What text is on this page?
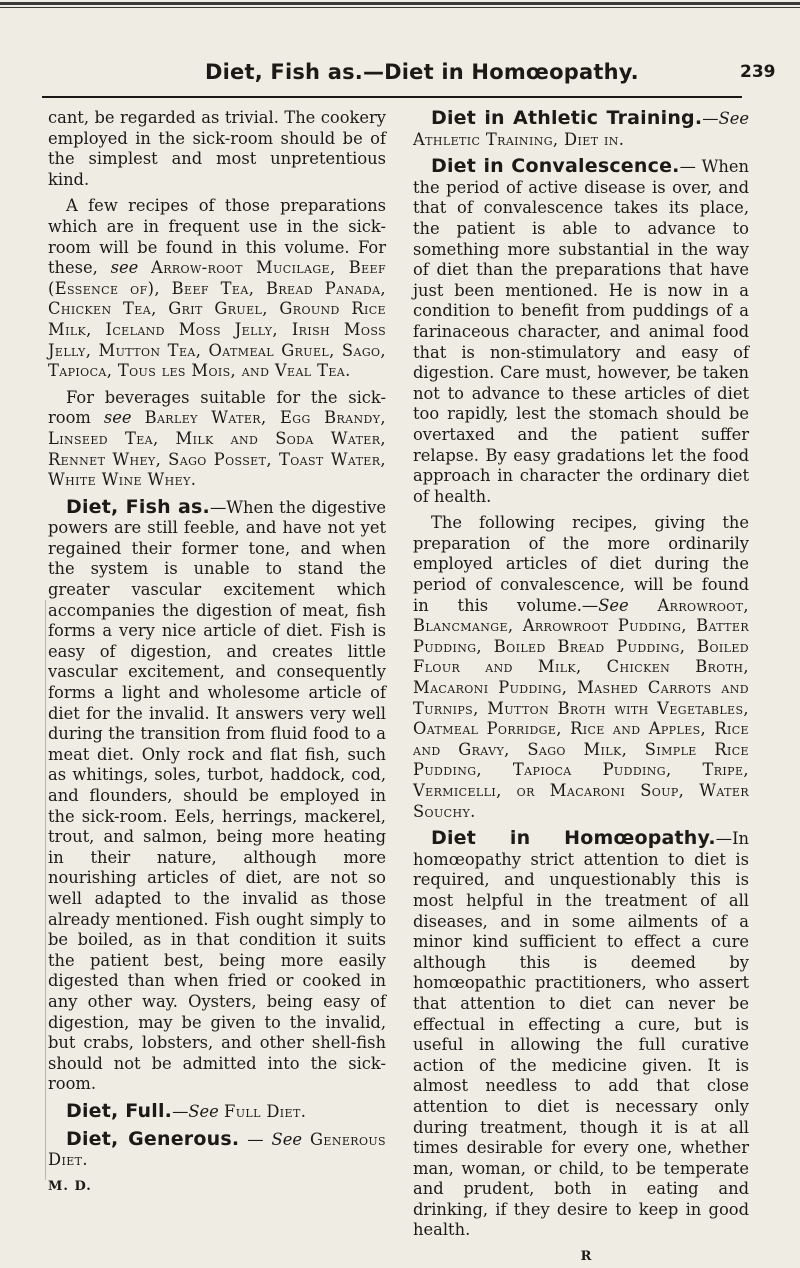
Diet, Fish as.—Diet in Homœopathy.	239

cant, be regarded as trivial. The cookery employed in the sick-room should be of the simplest and most unpretentious kind.

A few recipes of those preparations which are in frequent use in the sick-room will be found in this volume. For these, see Arrow-root Mucilage, Beef (Essence of), Beef Tea, Bread Panada, Chicken Tea, Grit Gruel, Ground Rice Milk, Iceland Moss Jelly, Irish Moss Jelly, Mutton Tea, Oatmeal Gruel, Sago, Tapioca, Tous les Mois, and Veal Tea.

For beverages suitable for the sick-room see Barley Water, Egg Brandy, Linseed Tea, Milk and Soda Water, Rennet Whey, Sago Posset, Toast Water, White Wine Whey.

Diet, Fish as.—When the digestive powers are still feeble, and have not yet regained their former tone, and when the system is unable to stand the greater vascular excitement which accompanies the digestion of meat, fish forms a very nice article of diet. Fish is easy of digestion, and creates little vascular excitement, and consequently forms a light and wholesome article of diet for the invalid. It answers very well during the transition from fluid food to a meat diet. Only rock and flat fish, such as whitings, soles, turbot, haddock, cod, and flounders, should be employed in the sick-room. Eels, herrings, mackerel, trout, and salmon, being more heating in their nature, although more nourishing articles of diet, are not so well adapted to the invalid as those already mentioned. Fish ought simply to be boiled, as in that condition it suits the patient best, being more easily digested than when fried or cooked in any other way. Oysters, being easy of digestion, may be given to the invalid, but crabs, lobsters, and other shell-fish should not be admitted into the sick-room.

Diet, Full.—See Full Diet.

Diet, Generous. — See Generous Diet.

M. D.

Diet in Athletic Training.—See Athletic Training, Diet in.

Diet in Convalescence.— When the period of active disease is over, and that of convalescence takes its place, the patient is able to advance to something more substantial in the way of diet than the preparations that have just been mentioned. He is now in a condition to benefit from puddings of a farinaceous character, and animal food that is non-stimulatory and easy of digestion. Care must, however, be taken not to advance to these articles of diet too rapidly, lest the stomach should be overtaxed and the patient suffer relapse. By easy gradations let the food approach in character the ordinary diet of health.

The following recipes, giving the preparation of the more ordinarily employed articles of diet during the period of convalescence, will be found in this volume.—See Arrowroot, Blancmange, Arrowroot Pudding, Batter Pudding, Boiled Bread Pudding, Boiled Flour and Milk, Chicken Broth, Macaroni Pudding, Mashed Carrots and Turnips, Mutton Broth with Vegetables, Oatmeal Porridge, Rice and Apples, Rice and Gravy, Sago Milk, Simple Rice Pudding, Tapioca Pudding, Tripe, Vermicelli, or Macaroni Soup, Water Souchy.

Diet in Homœopathy.—In homœopathy strict attention to diet is required, and unquestionably this is most helpful in the treatment of all diseases, and in some ailments of a minor kind sufficient to effect a cure although this is deemed by homœopathic practitioners, who assert that attention to diet can never be effectual in effecting a cure, but is useful in allowing the full curative action of the medicine given. It is almost needless to add that close attention to diet is necessary only during treatment, though it is at all times desirable for every one, whether man, woman, or child, to be temperate and prudent, both in eating and drinking, if they desire to keep in good health.

R
